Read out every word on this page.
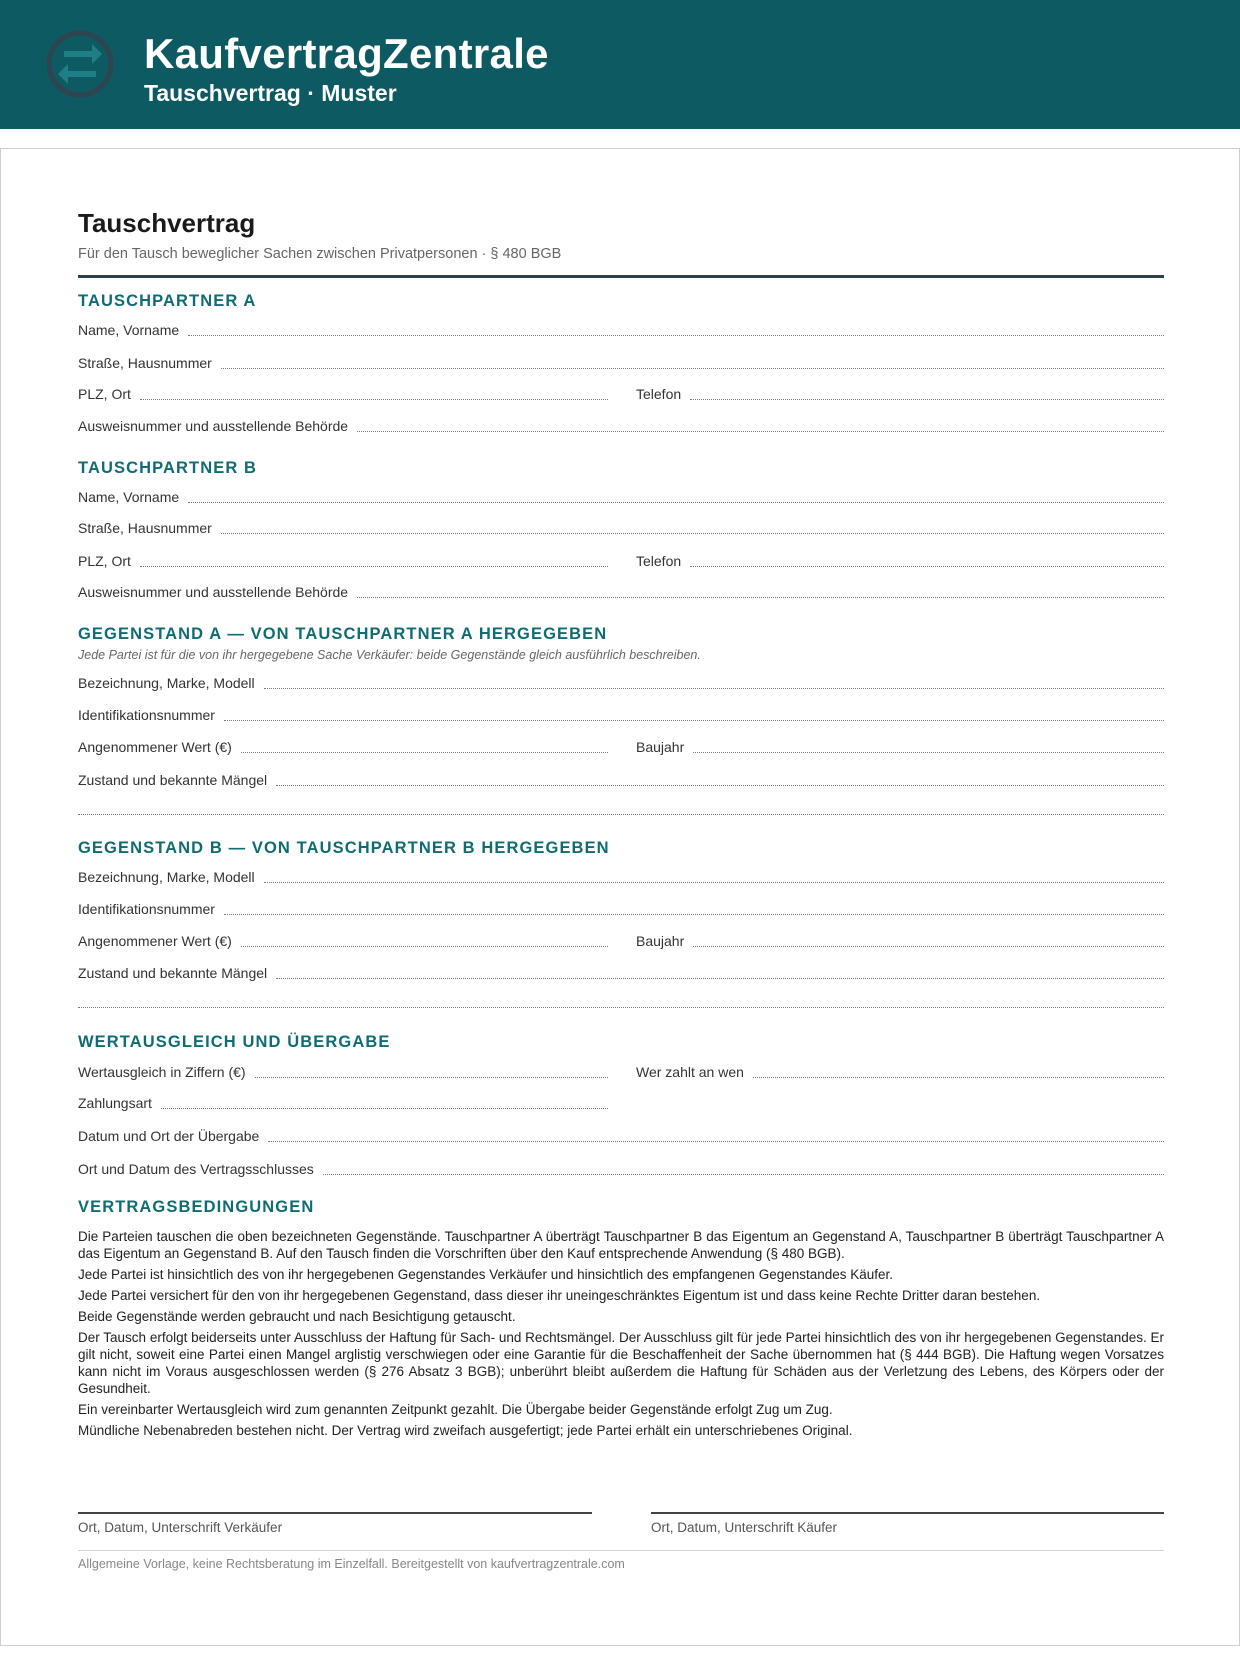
KaufvertragZentrale
Tauschvertrag · Muster
Tauschvertrag
Für den Tausch beweglicher Sachen zwischen Privatpersonen · § 480 BGB
TAUSCHPARTNER A
Name, Vorname
Straße, Hausnummer
PLZ, Ort	Telefon
Ausweisnummer und ausstellende Behörde
TAUSCHPARTNER B
Name, Vorname
Straße, Hausnummer
PLZ, Ort	Telefon
Ausweisnummer und ausstellende Behörde
GEGENSTAND A — VON TAUSCHPARTNER A HERGEGEBEN
Jede Partei ist für die von ihr hergegebene Sache Verkäufer: beide Gegenstände gleich ausführlich beschreiben.
Bezeichnung, Marke, Modell
Identifikationsnummer
Angenommener Wert (€)	Baujahr
Zustand und bekannte Mängel
GEGENSTAND B — VON TAUSCHPARTNER B HERGEGEBEN
Bezeichnung, Marke, Modell
Identifikationsnummer
Angenommener Wert (€)	Baujahr
Zustand und bekannte Mängel
WERTAUSGLEICH UND ÜBERGABE
Wertausgleich in Ziffern (€)	Wer zahlt an wen
Zahlungsart
Datum und Ort der Übergabe
Ort und Datum des Vertragsschlusses
VERTRAGSBEDINGUNGEN

Die Parteien tauschen die oben bezeichneten Gegenstände. Tauschpartner A überträgt Tauschpartner B das Eigentum an Gegenstand A, Tauschpartner B überträgt Tauschpartner A das Eigentum an Gegenstand B. Auf den Tausch finden die Vorschriften über den Kauf entsprechende Anwendung (§ 480 BGB).

Jede Partei ist hinsichtlich des von ihr hergegebenen Gegenstandes Verkäufer und hinsichtlich des empfangenen Gegenstandes Käufer.

Jede Partei versichert für den von ihr hergegebenen Gegenstand, dass dieser ihr uneingeschränktes Eigentum ist und dass keine Rechte Dritter daran bestehen.

Beide Gegenstände werden gebraucht und nach Besichtigung getauscht.

Der Tausch erfolgt beiderseits unter Ausschluss der Haftung für Sach- und Rechtsmängel. Der Ausschluss gilt für jede Partei hinsichtlich des von ihr hergegebenen Gegenstandes. Er gilt nicht, soweit eine Partei einen Mangel arglistig verschwiegen oder eine Garantie für die Beschaffenheit der Sache übernommen hat (§ 444 BGB). Die Haftung wegen Vorsatzes kann nicht im Voraus ausgeschlossen werden (§ 276 Absatz 3 BGB); unberührt bleibt außerdem die Haftung für Schäden aus der Verletzung des Lebens, des Körpers oder der Gesundheit.

Ein vereinbarter Wertausgleich wird zum genannten Zeitpunkt gezahlt. Die Übergabe beider Gegenstände erfolgt Zug um Zug.

Mündliche Nebenabreden bestehen nicht. Der Vertrag wird zweifach ausgefertigt; jede Partei erhält ein unterschriebenes Original.

Ort, Datum, Unterschrift Verkäufer	Ort, Datum, Unterschrift Käufer
Allgemeine Vorlage, keine Rechtsberatung im Einzelfall. Bereitgestellt von kaufvertragzentrale.com
